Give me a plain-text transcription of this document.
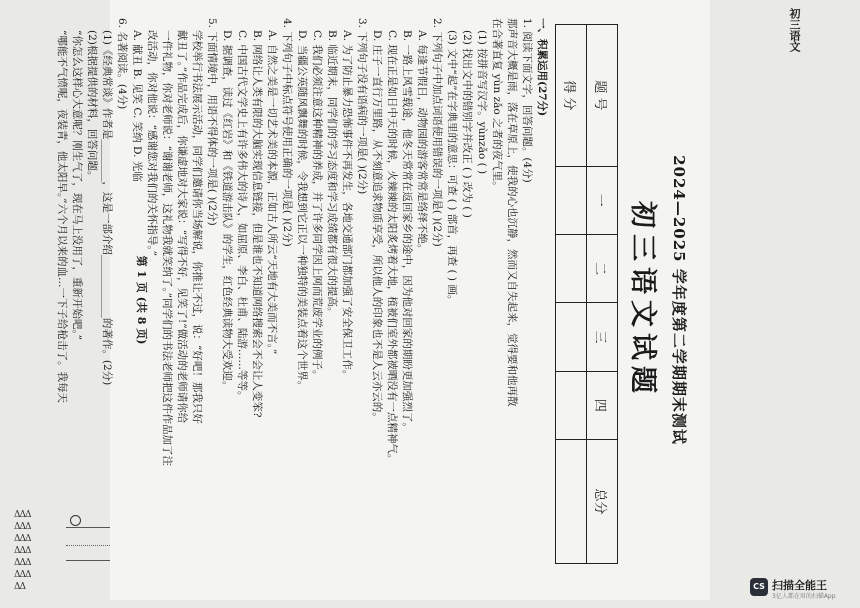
ΔΔΔ
ΔΔΔ
ΔΔΔ
ΔΔΔ
ΔΔΔ
ΔΔΔ
ΔΔ
2024—2025 学年度第二学期期末测试
初三语文试题
题 号	一	二	三	四	总分
得 分					
一、积累运用(27分)
1. 阅读下面文字，回答问题。(4分)
那声音大概是雨，落在草原上，使我的心也沉静，然而又自失起来，觉得要和他再散
在合著直复 yùn zǎo 之者的夜气里。
(1) 按拼音写汉字。yùnzǎo ( )
(2) 找出文中的错别字并改正 ( ) 改为 ( )
(3) 文中“起”在字典里的意思：可查 ( ) 部首，再查 ( ) 画。
2. 下列句子中加点词语使用错误的一项是( )(2分)
A. 每逢节假日，动物园的游客常常是络绎不绝。
B. 一路上风雪载途，他冬天常常在返回家乡的途中，因为他对回家的期盼更加强烈了。
C. 现在正是如日中天的时候，火辣辣的太阳炙烤着大地，植被们室外都被晒没有一点精神气。
D. 庄子一直行万里路，从不刻意追求物质享受，所以他人的印象也不是人云亦云的。
3. 下列句子没有语病的一项是( )(2分)
A. 为了防止暴力恐怖事件不再发生，各地交通部门都加强了安全保卫工作。
B. 临近期末，同学们的学习态度和学习成绩都有很大的提高。
C. 我们必须注意这种精神的养成，并了许多同学因上网而荒废学业的例子。
D. 当疆公英随风飘舞的时候，令我想到它正以一种独特的美装点着这个世界。
4. 下列句子中标点符号使用正确的一项是( )(2分)
A. 自然之美是一切艺术美的本源，正如古人所云“天地有大美而不言。”
B. 网络让人类有限的大脑实现信息链接，但是谁也不知道网络搜索会不会让人变笨?
C. 中国古代文学史上有许多伟大的诗人，如屈原、李白、杜甫、陆游……等等。
D. 据调查，读过《红岩》和《铁道游击队》的学生，红色经典读物大受欢迎。
5. 下面情境中，用语不得体的一项是( )(2分)
学校举行书法展示活动，同学们邀请你当场解说，你推让不过，说：“好吧！那我只好
献丑了。”作品完成后，你谦虚地对大家说：“写得不好，见笑了!”做活动的老师请你给
一件礼物，你对老师说：“谢谢老师，这礼物我就笑纳了。”同学们的书法老师把这件作品加了注
改活动，你对他说：“感谢您对我们的关怀指导。”
A. 献丑 B. 见笑 C. 笑纳 D. 光临
6. 名著阅读。(4分)
(1)《经典常谈》作者是________，这是一部介绍____________的著作。(2分)
(2)根据提供的材料，回答问题。
“你怎么这样心大意呢？刚生气了，现在马上没用了，重新开始吧。”
“哪能不气愤呢，夜装青，他太阳早。”六个月以来的血…一下子给枪击了。我每天	第 1 页 (共 8 页)
初三语文
CS 扫描全能王
3亿人都在用的扫描App
